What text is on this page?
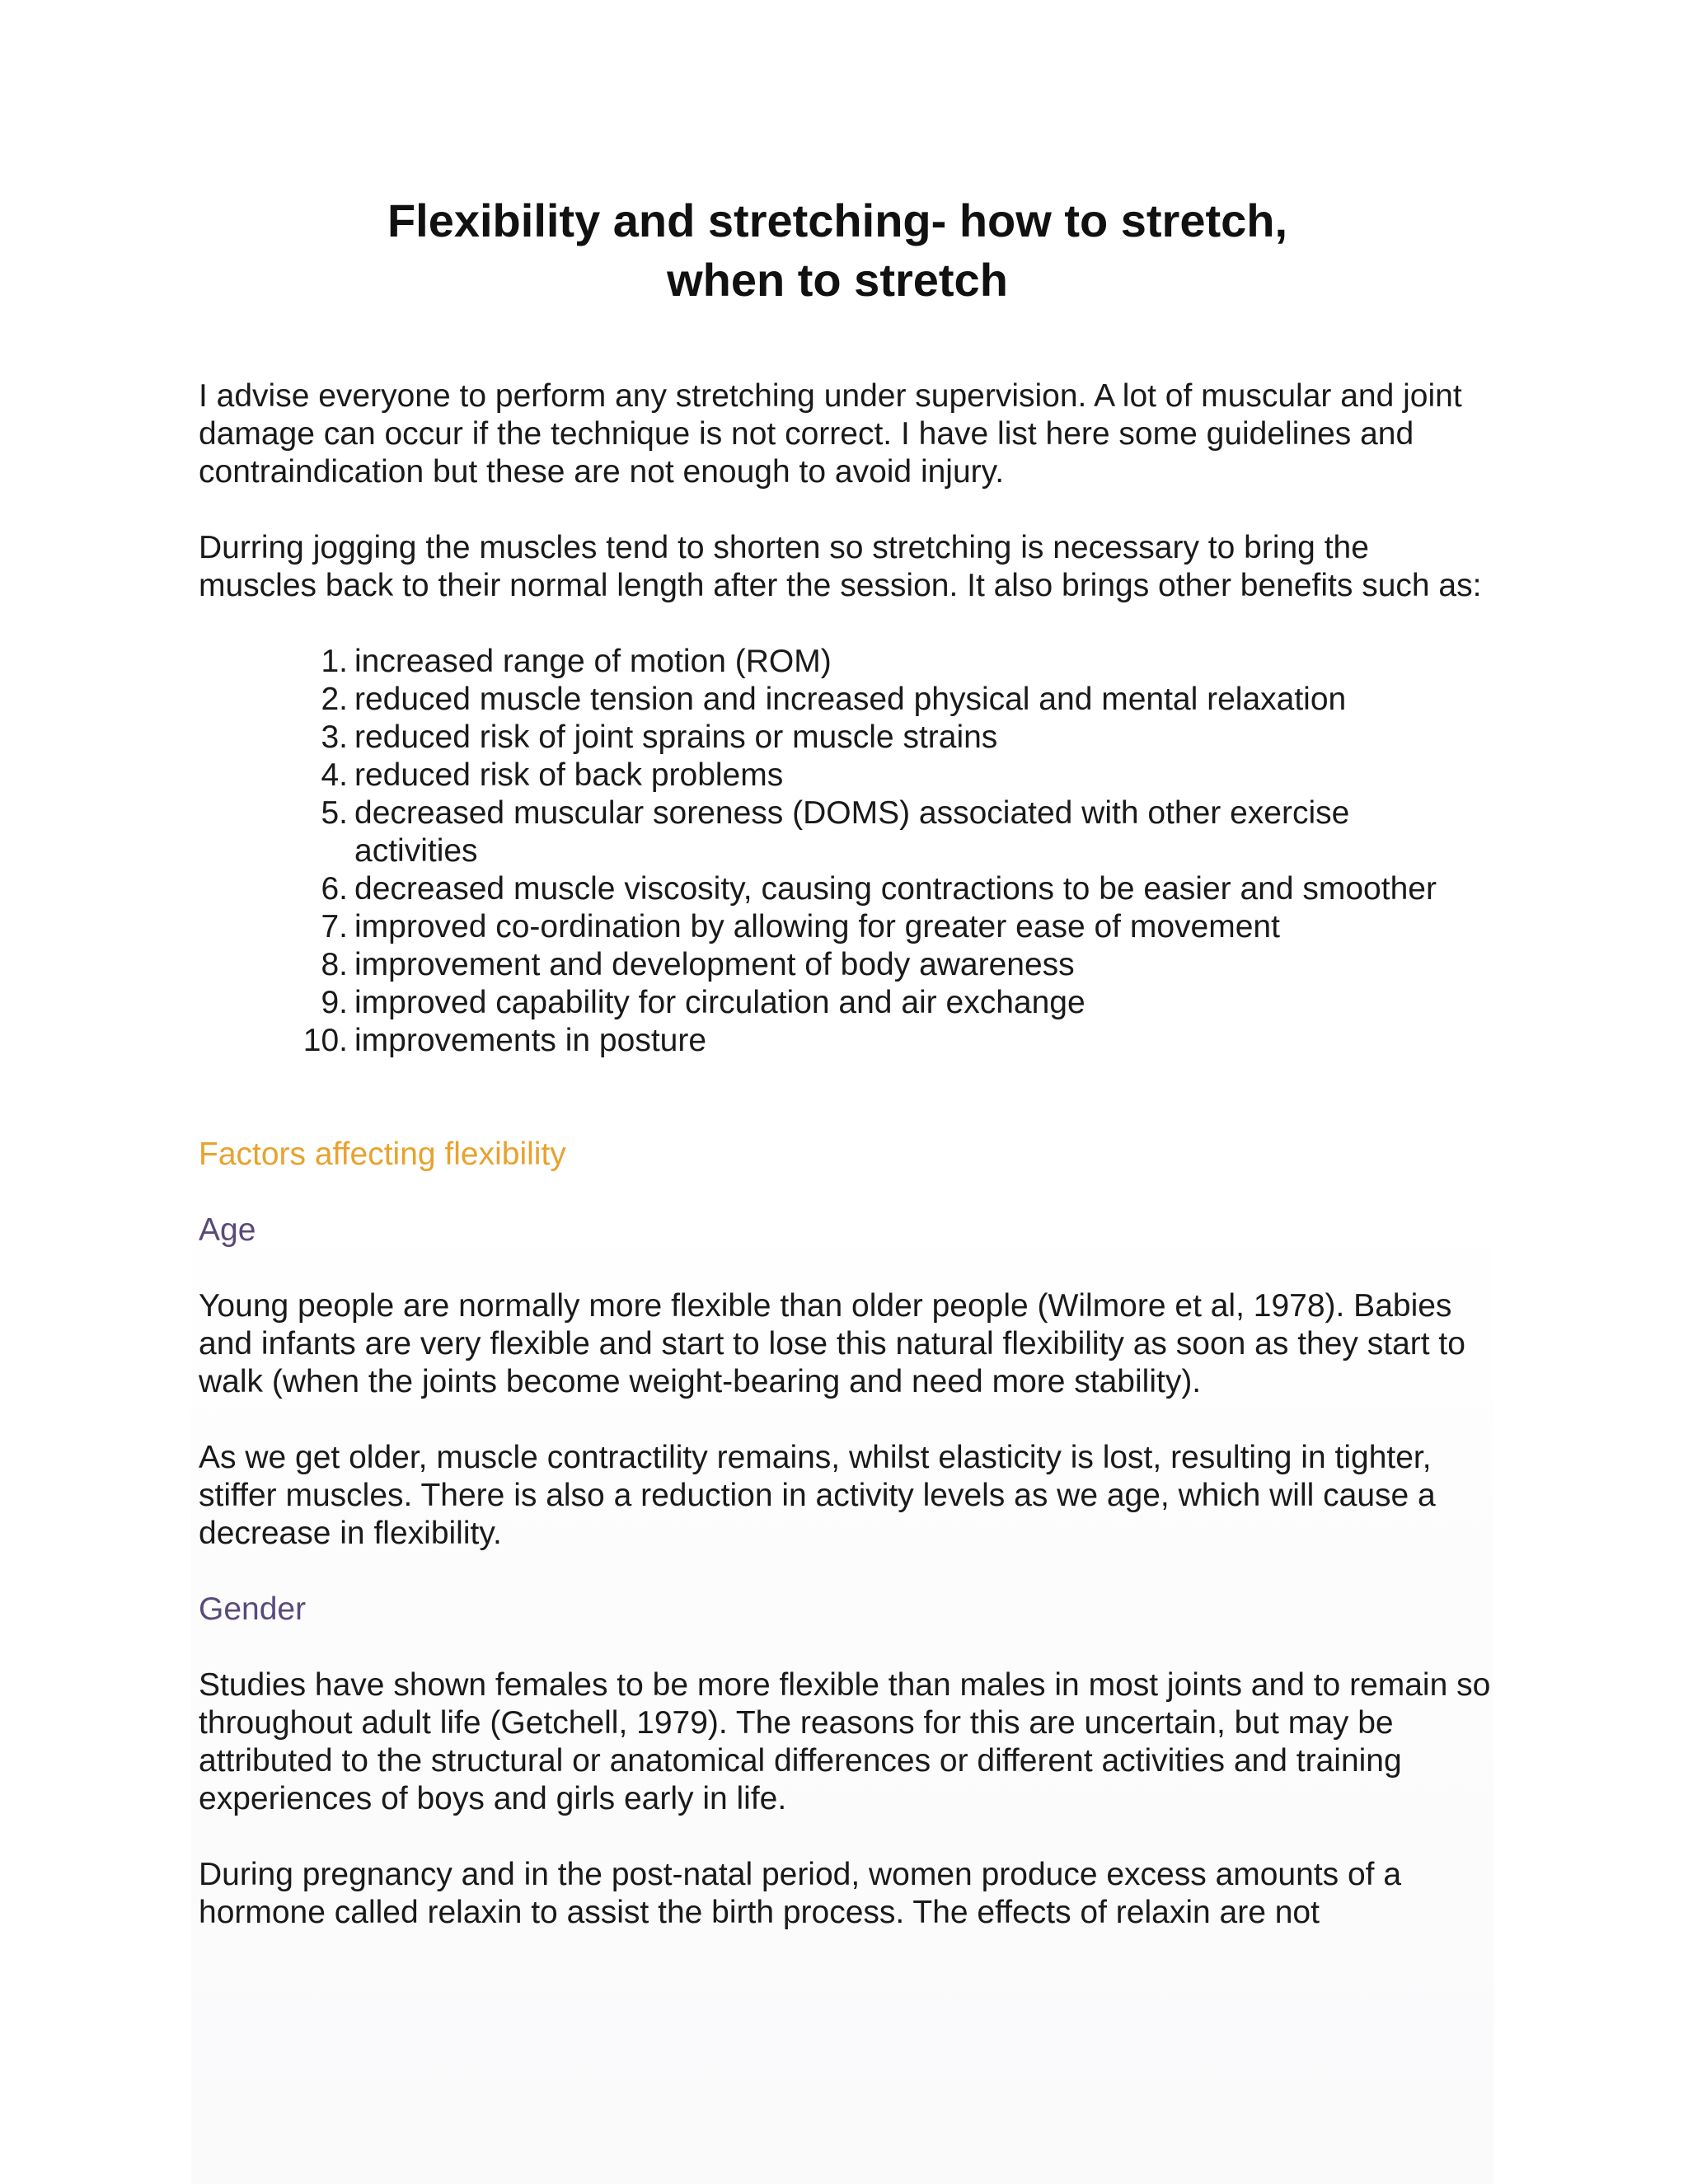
Flexibility and stretching- how to stretch,
when to stretch

I advise everyone to perform any stretching under supervision. A lot of muscular and joint damage can occur if the technique is not correct. I have list here some guidelines and contraindication but these are not enough to avoid injury.

Durring jogging the muscles tend to shorten so stretching is necessary to bring the muscles back to their normal length after the session. It also brings other benefits such as:

1. increased range of motion (ROM)
2. reduced muscle tension and increased physical and mental relaxation
3. reduced risk of joint sprains or muscle strains
4. reduced risk of back problems
5. decreased muscular soreness (DOMS) associated with other exercise activities
6. decreased muscle viscosity, causing contractions to be easier and smoother
7. improved co-ordination by allowing for greater ease of movement
8. improvement and development of body awareness
9. improved capability for circulation and air exchange
10. improvements in posture
Factors affecting flexibility
Age

Young people are normally more flexible than older people (Wilmore et al, 1978). Babies and infants are very flexible and start to lose this natural flexibility as soon as they start to walk (when the joints become weight-bearing and need more stability).

As we get older, muscle contractility remains, whilst elasticity is lost, resulting in tighter, stiffer muscles. There is also a reduction in activity levels as we age, which will cause a decrease in flexibility.

Gender

Studies have shown females to be more flexible than males in most joints and to remain so throughout adult life (Getchell, 1979). The reasons for this are uncertain, but may be attributed to the structural or anatomical differences or different activities and training experiences of boys and girls early in life.

During pregnancy and in the post-natal period, women produce excess amounts of a hormone called relaxin to assist the birth process. The effects of relaxin are not
